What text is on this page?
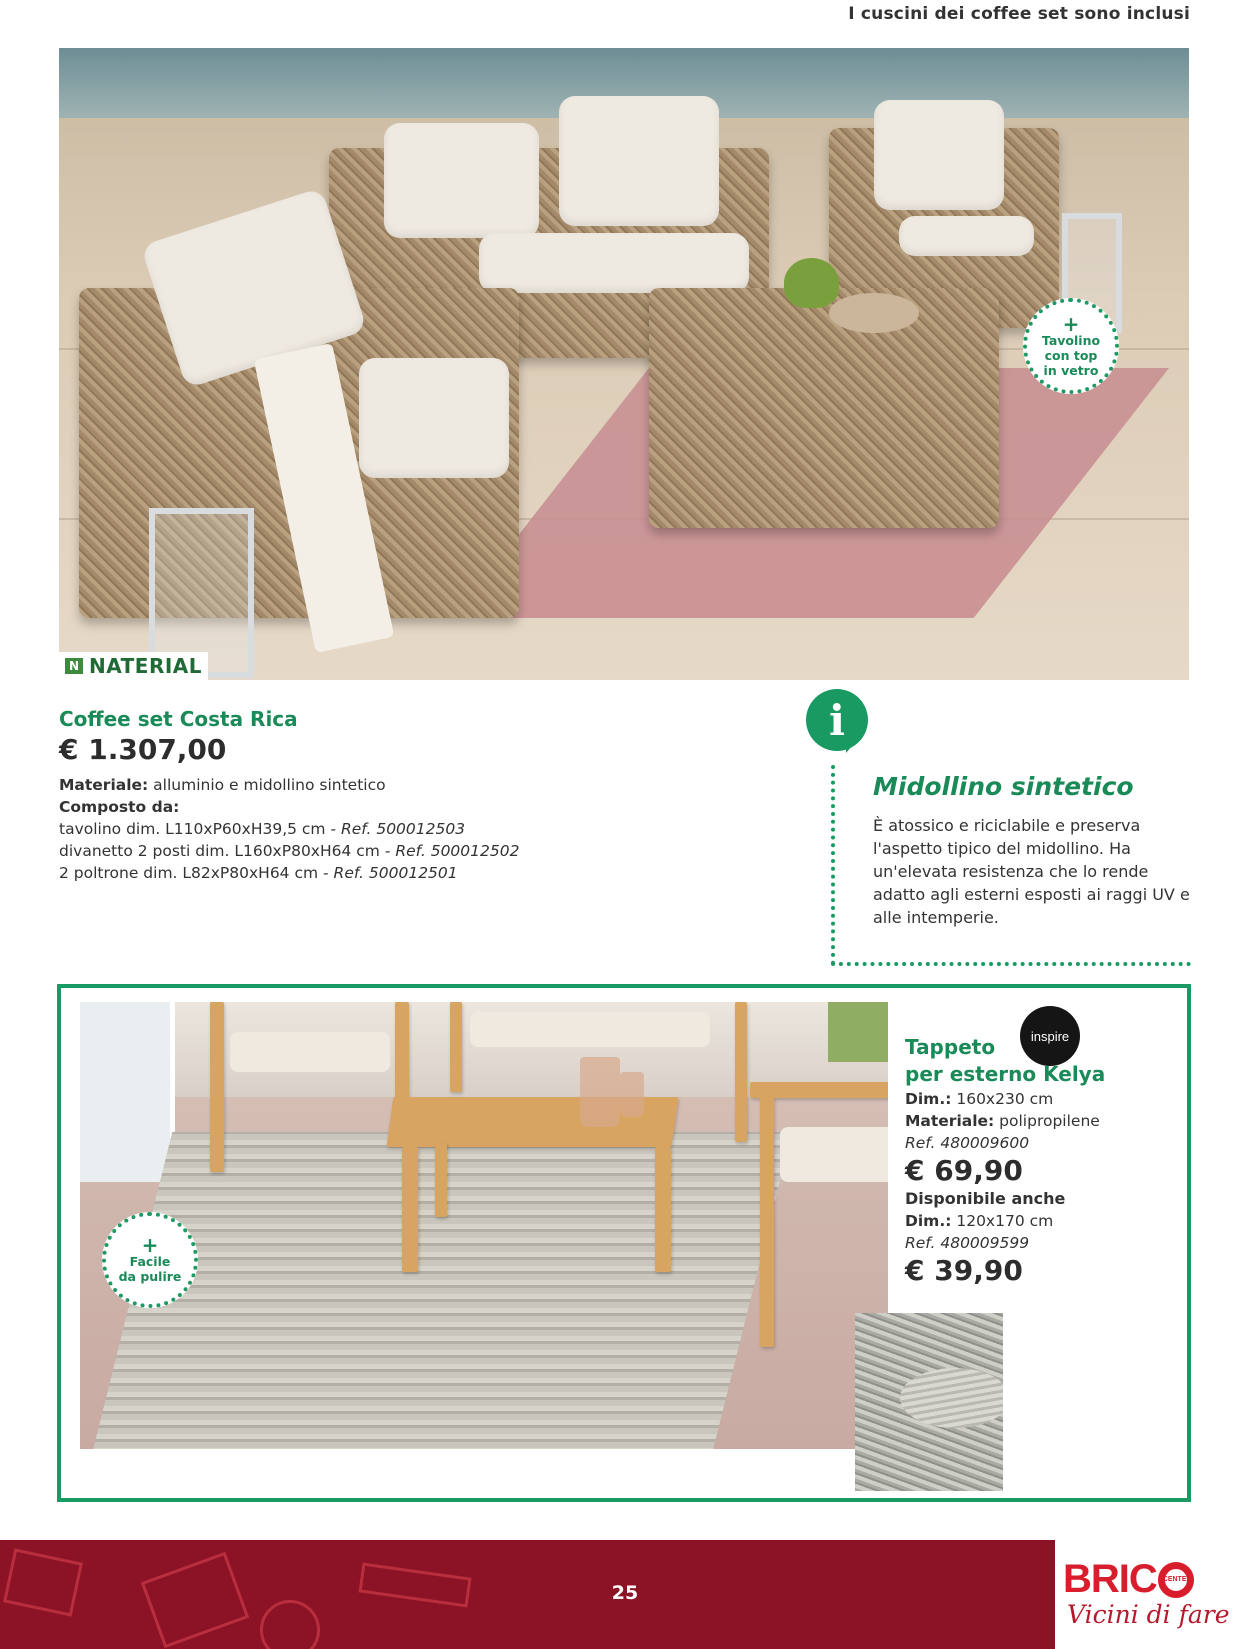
I cuscini dei coffee set sono inclusi
N NATERIAL
+
Tavolino
con top
in vetro
Coffee set Costa Rica
€ 1.307,00
Materiale: alluminio e midollino sintetico
Composto da:
tavolino dim. L110xP60xH39,5 cm - Ref. 500012503
divanetto 2 posti dim. L160xP80xH64 cm - Ref. 500012502
2 poltrone dim. L82xP80xH64 cm - Ref. 500012501
i
Midollino sintetico
È atossico e riciclabile e preserva l'aspetto tipico del midollino. Ha un'elevata resistenza che lo rende adatto agli esterni esposti ai raggi UV e alle intemperie.
+
Facile
da pulire
inspire
Tappeto
per esterno Kelya
Dim.: 160x230 cm
Materiale: polipropilene
Ref. 480009600
€ 69,90
Disponibile anche
Dim.: 120x170 cm
Ref. 480009599
€ 39,90
25	BRIC CENTER
Vicini di fare
